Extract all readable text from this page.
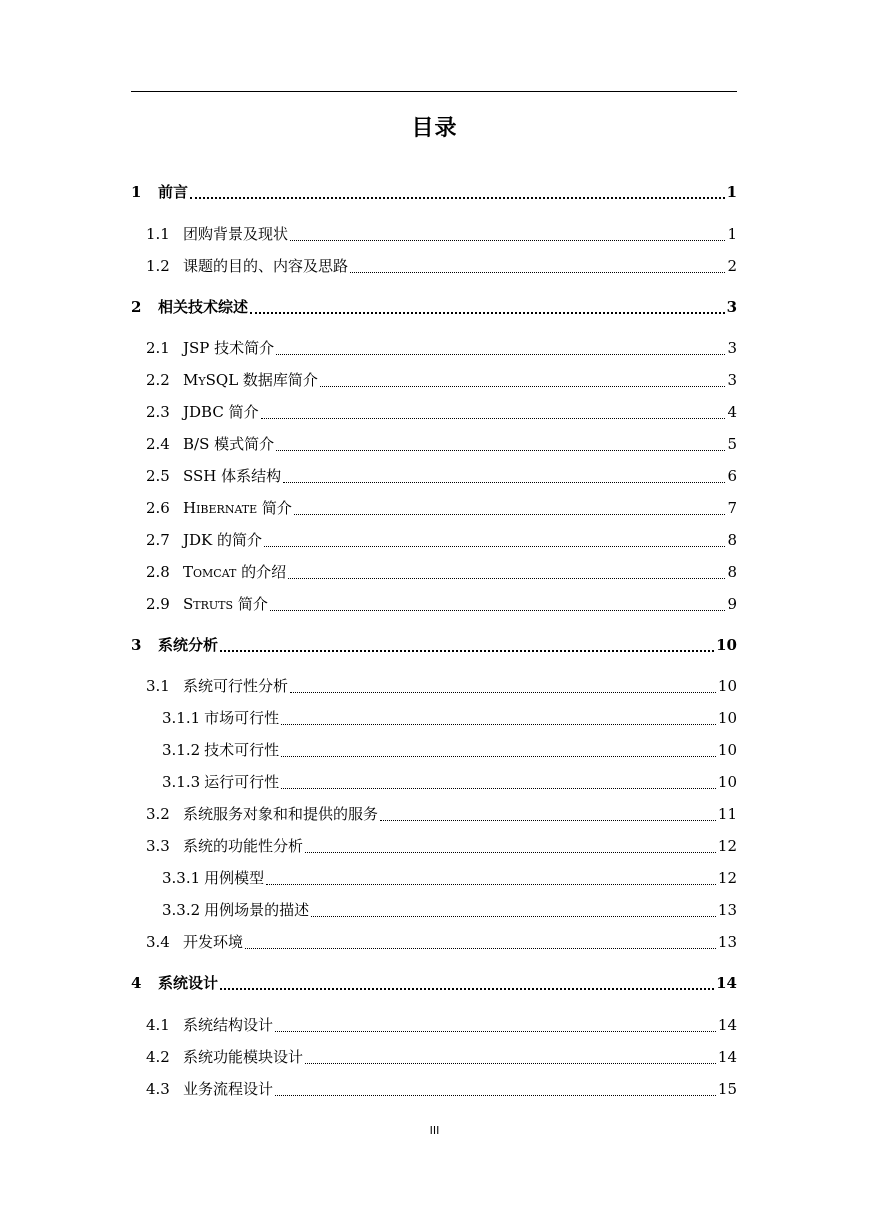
目录
1	前言	1
1.1 团购背景及现状	1
1.2 课题的目的、内容及思路	2
2	相关技术综述	3
2.1 JSP 技术简介	3
2.2 MySQL 数据库简介	3
2.3 JDBC 简介	4
2.4 B/S 模式简介	5
2.5 SSH 体系结构	6
2.6 Hibernate 简介	7
2.7 JDK 的简介	8
2.8 Tomcat 的介绍	8
2.9 Struts 简介	9
3	系统分析	10
3.1 系统可行性分析	10
3.1.1 市场可行性	10
3.1.2 技术可行性	10
3.1.3 运行可行性	10
3.2 系统服务对象和和提供的服务	11
3.3 系统的功能性分析	12
3.3.1 用例模型	12
3.3.2 用例场景的描述	13
3.4 开发环境	13
4	系统设计	14
4.1 系统结构设计	14
4.2 系统功能模块设计	14
4.3 业务流程设计	15
III
